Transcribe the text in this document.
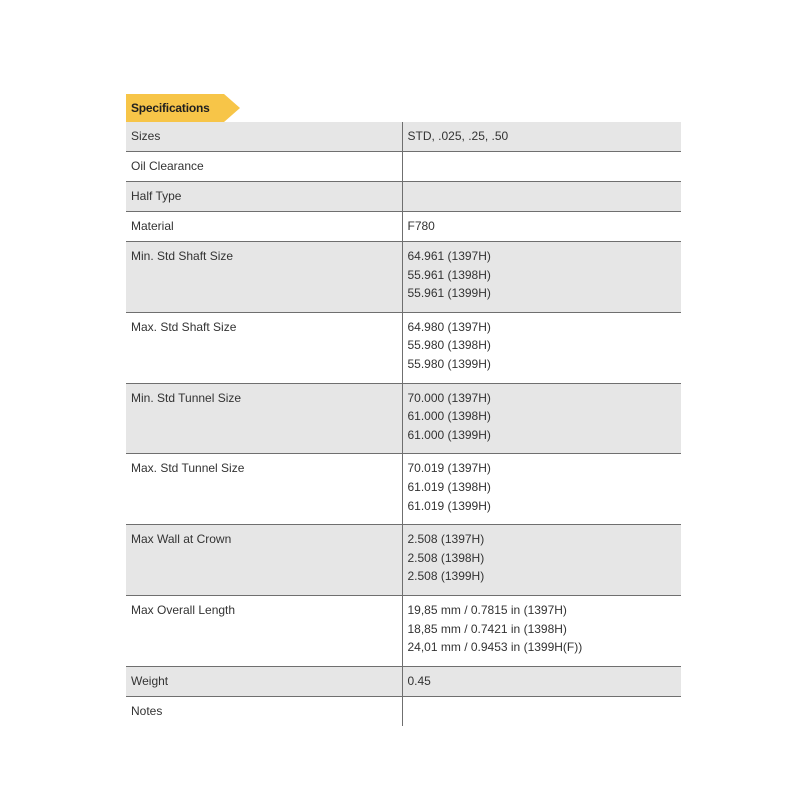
Specifications
Sizes	STD, .025, .25, .50

Oil Clearance	

Half Type	

Material	F780

Min. Std Shaft Size	64.961 (1397H)
55.961 (1398H)
55.961 (1399H)

Max. Std Shaft Size	64.980 (1397H)
55.980 (1398H)
55.980 (1399H)

Min. Std Tunnel Size	70.000 (1397H)
61.000 (1398H)
61.000 (1399H)

Max. Std Tunnel Size	70.019 (1397H)
61.019 (1398H)
61.019 (1399H)

Max Wall at Crown	2.508 (1397H)
2.508 (1398H)
2.508 (1399H)

Max Overall Length	19,85 mm / 0.7815 in (1397H)
18,85 mm / 0.7421 in (1398H)
24,01 mm / 0.9453 in (1399H(F))

Weight	0.45

Notes	
